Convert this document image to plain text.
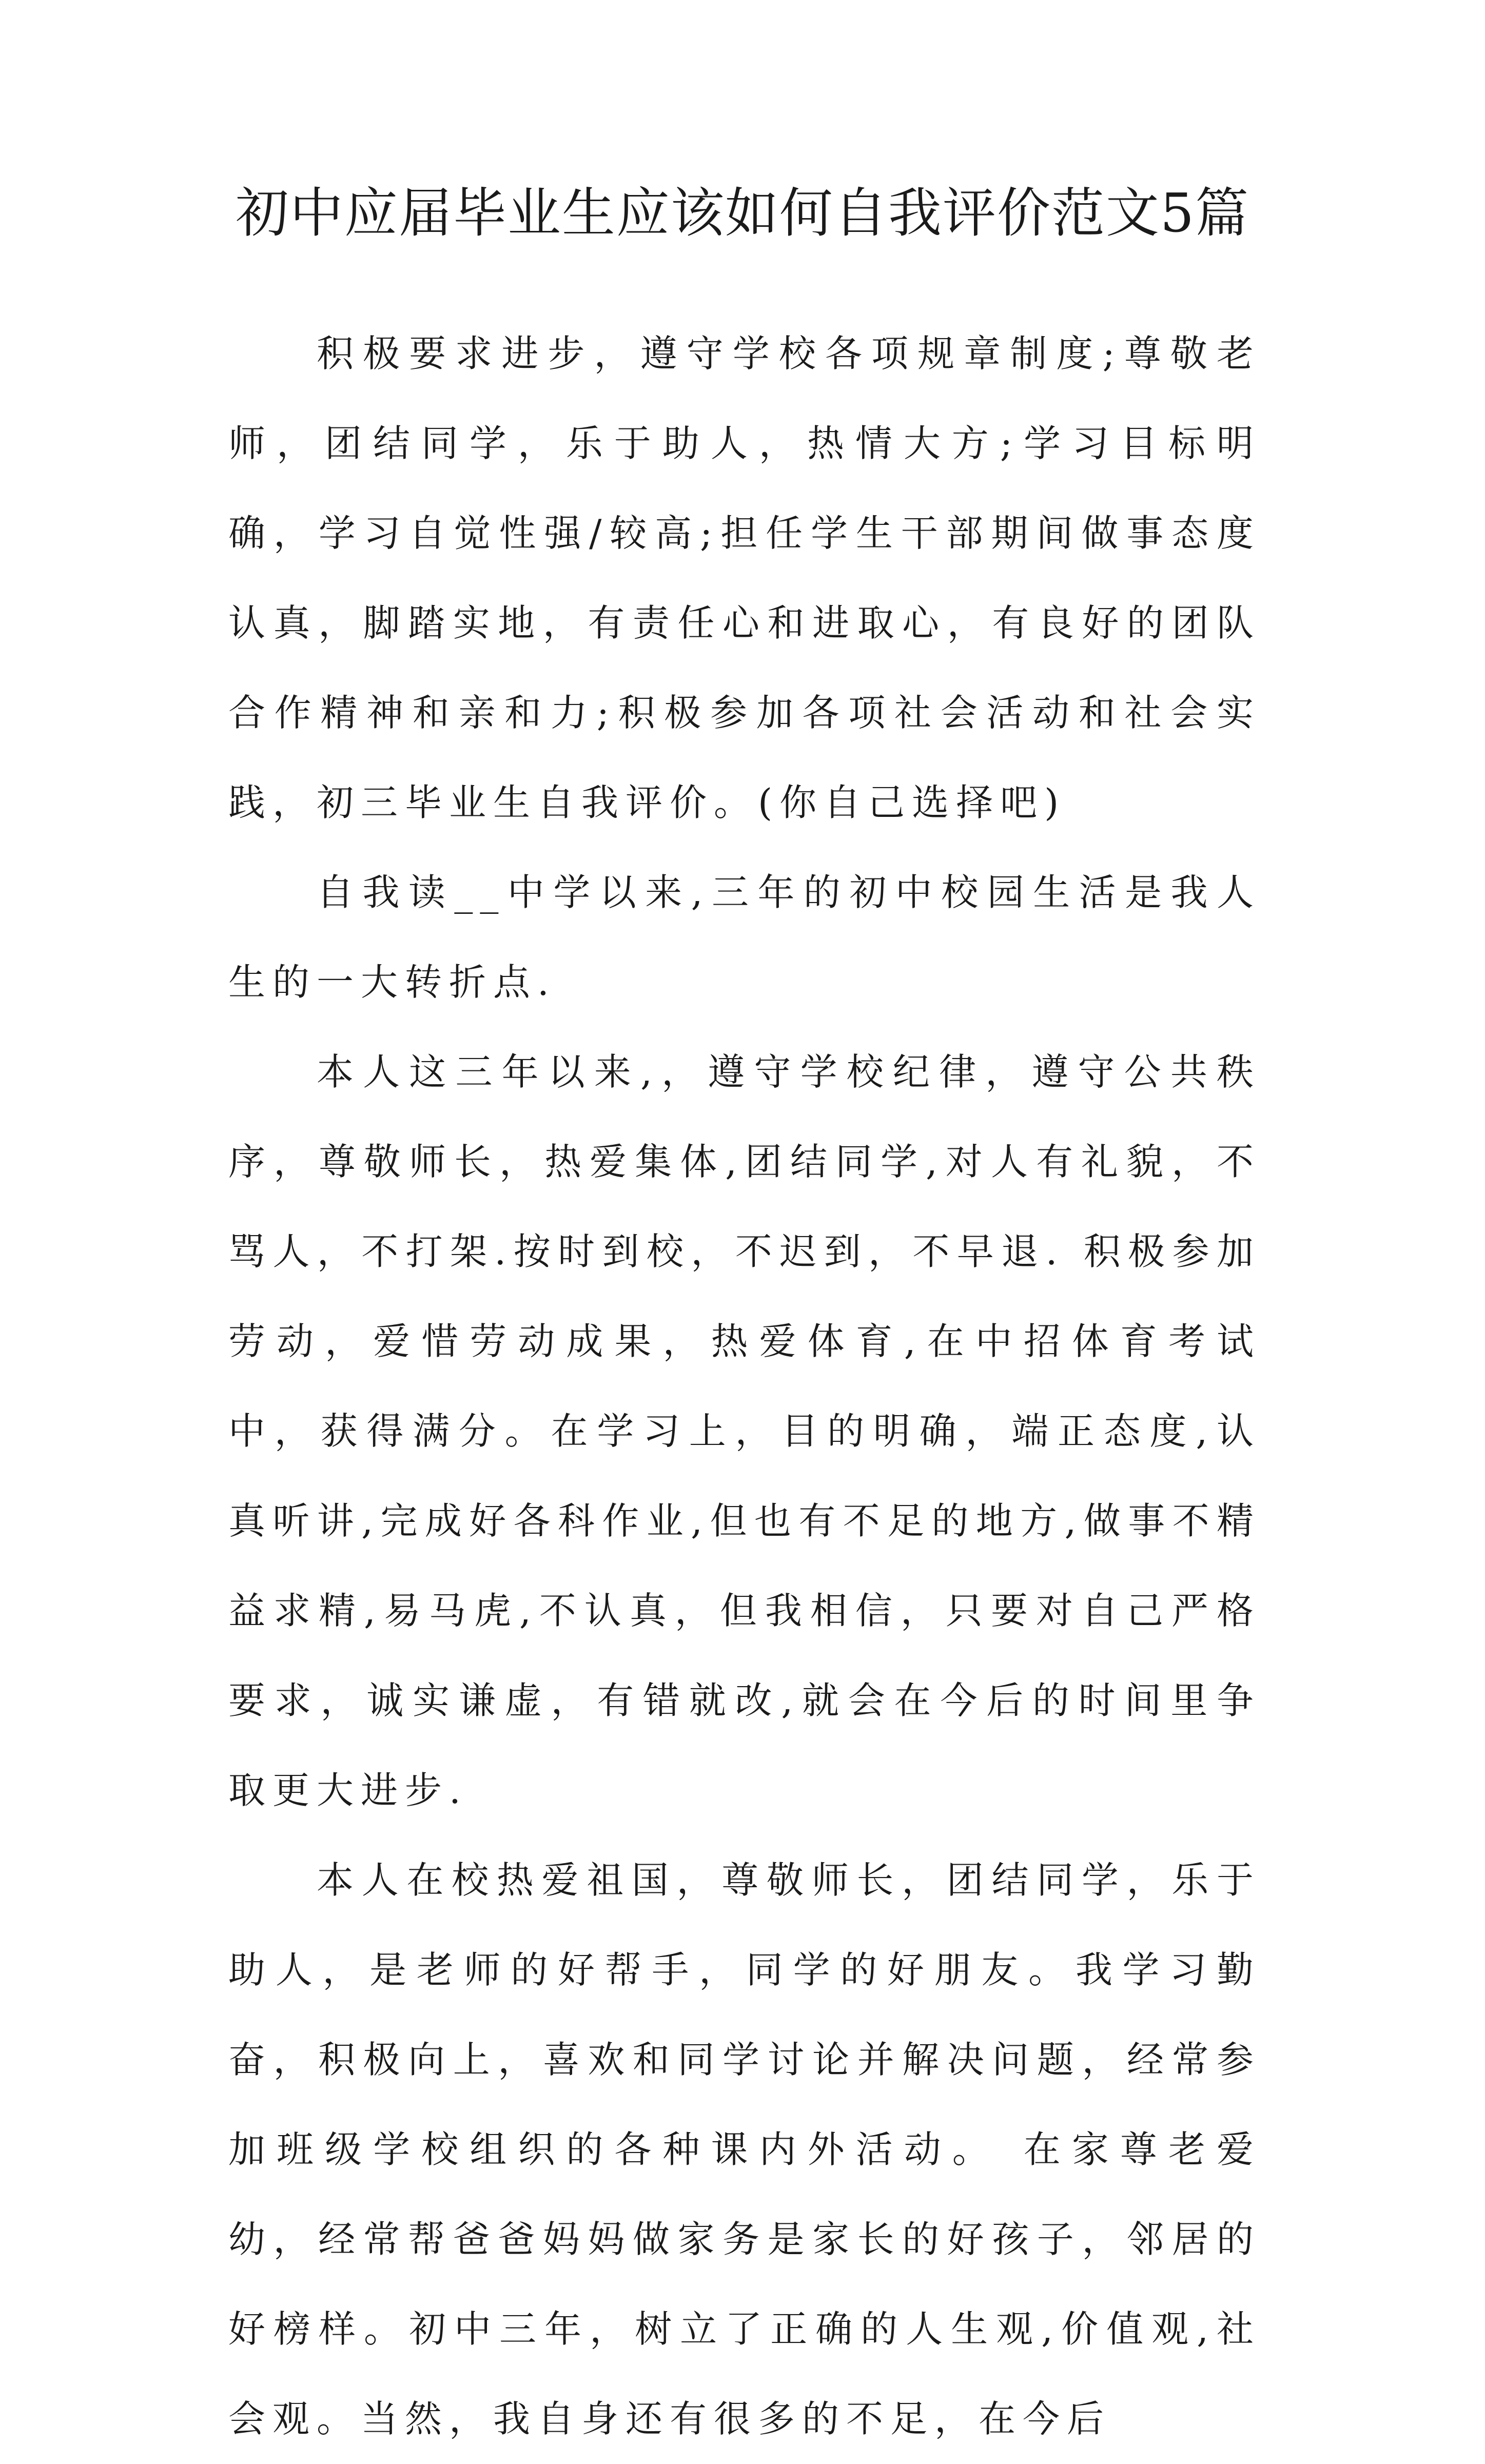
初中应届毕业生应该如何自我评价范文5篇

积极要求进步，遵守学校各项规章制度;尊敬老师，团结同学，乐于助人，热情大方;学习目标明确，学习自觉性强/较高;担任学生干部期间做事态度认真，脚踏实地，有责任心和进取心，有良好的团队合作精神和亲和力;积极参加各项社会活动和社会实践，初三毕业生自我评价。(你自己选择吧)

自我读__中学以来,三年的初中校园生活是我人生的一大转折点.

本人这三年以来,，遵守学校纪律，遵守公共秩序，尊敬师长，热爱集体,团结同学,对人有礼貌，不骂人，不打架.按时到校，不迟到，不早退. 积极参加劳动，爱惜劳动成果，热爱体育,在中招体育考试中，获得满分。在学习上，目的明确，端正态度,认真听讲,完成好各科作业,但也有不足的地方,做事不精益求精,易马虎,不认真，但我相信，只要对自己严格要求，诚实谦虚，有错就改,就会在今后的时间里争取更大进步.

本人在校热爱祖国，尊敬师长，团结同学，乐于助人，是老师的好帮手，同学的好朋友。我学习勤奋，积极向上，喜欢和同学讨论并解决问题，经常参加班级学校组织的各种课内外活动。 在家尊老爱幼，经常帮爸爸妈妈做家务是家长的好孩子，邻居的好榜样。初中三年，树立了正确的人生观,价值观,社会观。当然，我自身还有很多的不足，在今后
